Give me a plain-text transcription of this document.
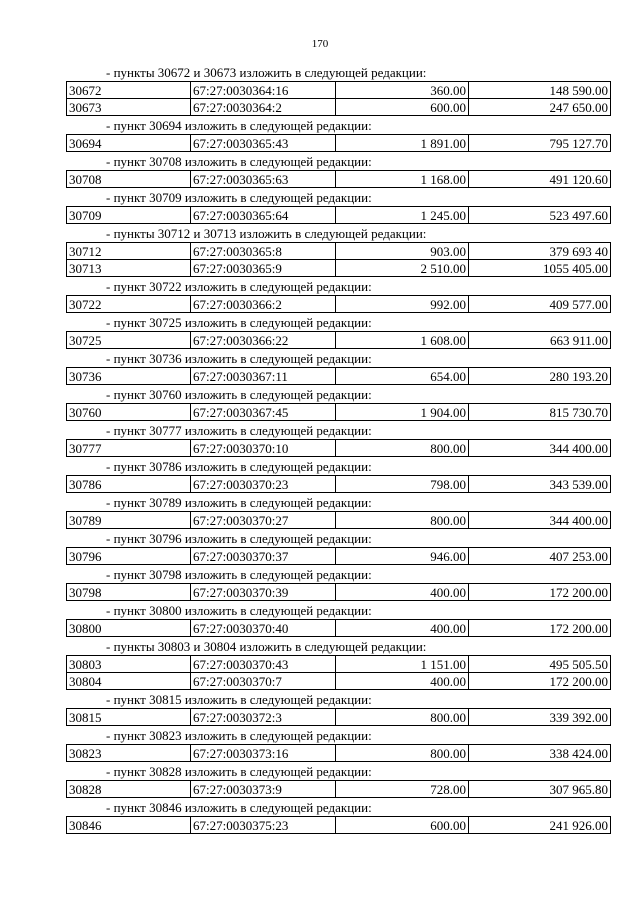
170
- пункты 30672 и 30673 изложить в следующей редакции:
30672	67:27:0030364:16	360.00	148 590.00
30673	67:27:0030364:2	600.00	247 650.00
- пункт 30694 изложить в следующей редакции:
30694	67:27:0030365:43	1 891.00	795 127.70
- пункт 30708 изложить в следующей редакции:
30708	67:27:0030365:63	1 168.00	491 120.60
- пункт 30709 изложить в следующей редакции:
30709	67:27:0030365:64	1 245.00	523 497.60
- пункты 30712 и 30713 изложить в следующей редакции:
30712	67:27:0030365:8	903.00	379 693 40
30713	67:27:0030365:9	2 510.00	1055 405.00
- пункт 30722 изложить в следующей редакции:
30722	67:27:0030366:2	992.00	409 577.00
- пункт 30725 изложить в следующей редакции:
30725	67:27:0030366:22	1 608.00	663 911.00
- пункт 30736 изложить в следующей редакции:
30736	67:27:0030367:11	654.00	280 193.20
- пункт 30760 изложить в следующей редакции:
30760	67:27:0030367:45	1 904.00	815 730.70
- пункт 30777 изложить в следующей редакции:
30777	67:27:0030370:10	800.00	344 400.00
- пункт 30786 изложить в следующей редакции:
30786	67:27:0030370:23	798.00	343 539.00
- пункт 30789 изложить в следующей редакции:
30789	67:27:0030370:27	800.00	344 400.00
- пункт 30796 изложить в следующей редакции:
30796	67:27:0030370:37	946.00	407 253.00
- пункт 30798 изложить в следующей редакции:
30798	67:27:0030370:39	400.00	172 200.00
- пункт 30800 изложить в следующей редакции:
30800	67:27:0030370:40	400.00	172 200.00
- пункты 30803 и 30804 изложить в следующей редакции:
30803	67:27:0030370:43	1 151.00	495 505.50
30804	67:27:0030370:7	400.00	172 200.00
- пункт 30815 изложить в следующей редакции:
30815	67:27:0030372:3	800.00	339 392.00
- пункт 30823 изложить в следующей редакции:
30823	67:27:0030373:16	800.00	338 424.00
- пункт 30828 изложить в следующей редакции:
30828	67:27:0030373:9	728.00	307 965.80
- пункт 30846 изложить в следующей редакции:
30846	67:27:0030375:23	600.00	241 926.00
